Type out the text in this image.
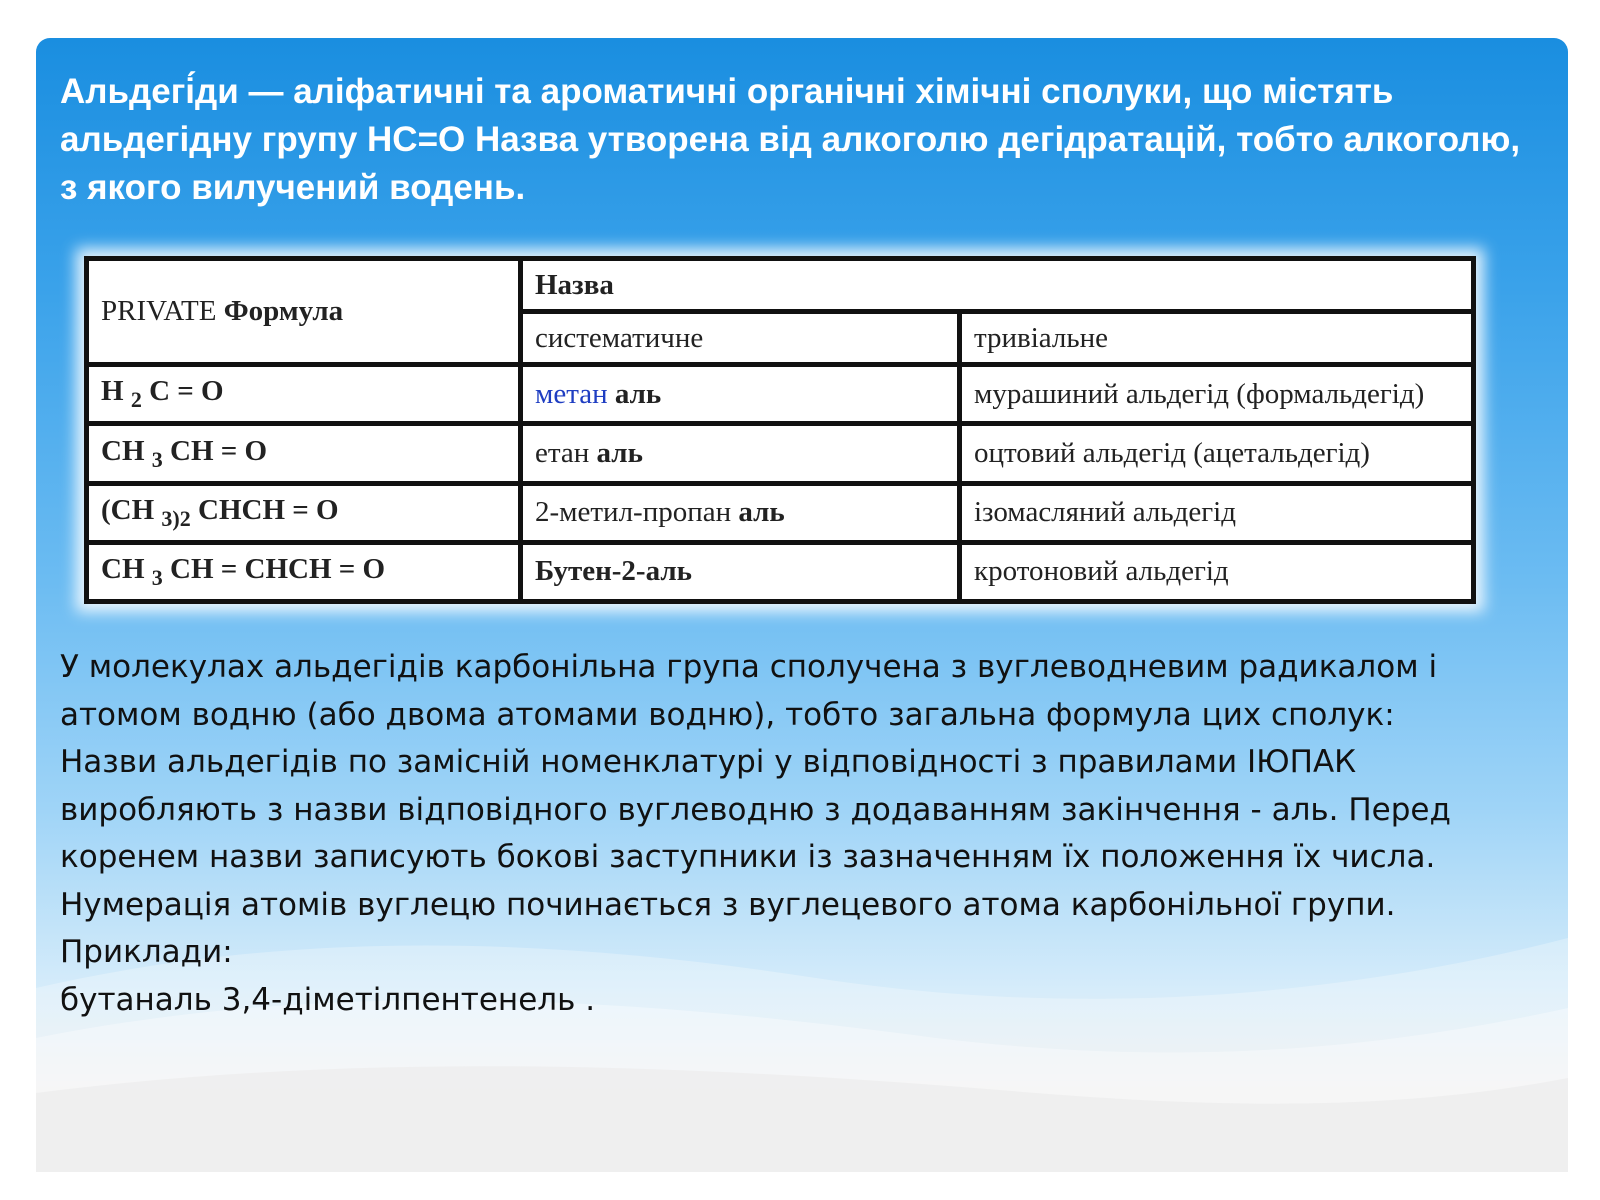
Альдегі́ди — аліфатичні та ароматичні органічні хімічні сполуки, що містять альдегідну групу HC=O Назва утворена від алкоголю дегідратацій, тобто алкоголю, з якого вилучений водень.
PRIVATE Формула	Назва	
	систематичне	тривіальне
H $_2$ C = O	метан аль	мурашиний альдегід (формальдегід)
CH $_3$ CH = O	етан аль	оцтовий альдегід (ацетальдегід)
(CH $_{3)2}$ CHCH = O	2-метил-пропан аль	ізомасляний альдегід
CH $_3$ CH = CHCH = O	Бутен-2-аль	кротоновий альдегід

У молекулах альдегідів карбонільна група сполучена з вуглеводневим радикалом і атомом водню (або двома атомами водню), тобто загальна формула цих сполук:

Назви альдегідів по замісній номенклатурі у відповідності з правилами ІЮПАК виробляють з назви відповідного вуглеводню з додаванням закінчення - аль. Перед коренем назви записують бокові заступники із зазначенням їх положення їх числа. Нумерація атомів вуглецю починається з вуглецевого атома карбонільної групи. Приклади:

бутаналь 3,4-діметілпентенель .
